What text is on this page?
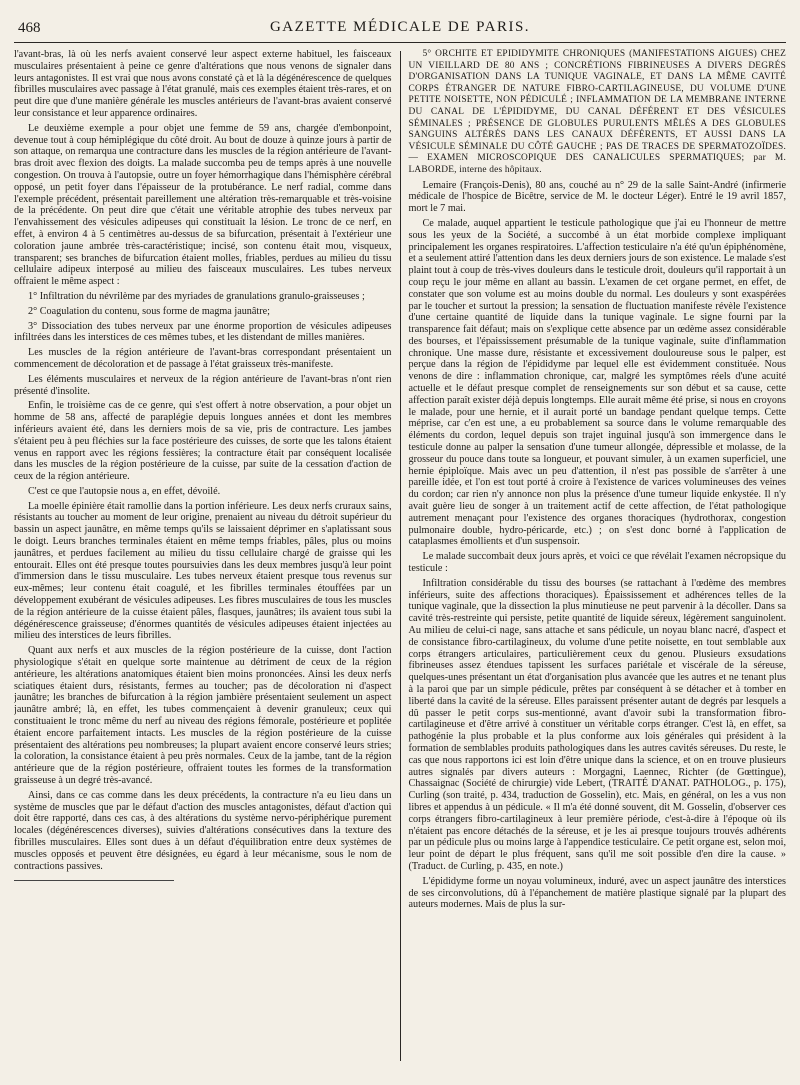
468	GAZETTE MÉDICALE DE PARIS.

l'avant-bras, là où les nerfs avaient conservé leur aspect externe habituel, les faisceaux musculaires présentaient à peine ce genre d'altérations que nous venons de signaler dans leurs antagonistes. Il est vrai que nous avons constaté çà et là la dégénérescence de quelques fibrilles musculaires avec passage à l'état granulé, mais ces exemples étaient très-rares, et on peut dire que d'une manière générale les muscles antérieurs de l'avant-bras avaient conservé leur consistance et leur apparence ordinaires.

Le deuxième exemple a pour objet une femme de 59 ans, chargée d'embonpoint, devenue tout à coup hémiplégique du côté droit. Au bout de douze à quinze jours à partir de son attaque, on remarqua une contracture dans les muscles de la région antérieure de l'avant-bras droit avec flexion des doigts. La malade succomba peu de temps après à une nouvelle congestion. On trouva à l'autopsie, outre un foyer hémorrhagique dans l'hémisphère cérébral opposé, un petit foyer dans l'épaisseur de la protubérance. Le nerf radial, comme dans l'exemple précédent, présentait pareillement une altération très-remarquable et très-voisine de la précédente. On peut dire que c'était une véritable atrophie des tubes nerveux par l'envahissement des vésicules adipeuses qui constituait la lésion. Le tronc de ce nerf, en effet, à environ 4 à 5 centimètres au-dessus de sa bifurcation, présentait à l'extérieur une coloration jaune ambrée très-caractéristique; incisé, son contenu était mou, visqueux, transparent; ses branches de bifurcation étaient molles, friables, perdues au milieu du tissu cellulaire adipeux interposé au milieu des faisceaux musculaires. Les tubes nerveux offraient le même aspect :

1° Infiltration du névrilème par des myriades de granulations granulo-graisseuses ;

2° Coagulation du contenu, sous forme de magma jaunâtre;

3° Dissociation des tubes nerveux par une énorme proportion de vésicules adipeuses infiltrées dans les interstices de ces mêmes tubes, et les distendant de milles manières.

Les muscles de la région antérieure de l'avant-bras correspondant présentaient un commencement de décoloration et de passage à l'état graisseux très-manifeste.

Les éléments musculaires et nerveux de la région antérieure de l'avant-bras n'ont rien présenté d'insolite.

Enfin, le troisième cas de ce genre, qui s'est offert à notre observation, a pour objet un homme de 58 ans, affecté de paraplégie depuis longues années et dont les membres inférieurs avaient été, dans les derniers mois de sa vie, pris de contracture. Les jambes s'étaient peu à peu fléchies sur la face postérieure des cuisses, de sorte que les talons étaient venus en rapport avec les régions fessières; la contracture était par conséquent localisée dans les muscles de la région postérieure de la cuisse, par suite de la cessation d'action de ceux de la région antérieure.

C'est ce que l'autopsie nous a, en effet, dévoilé.

La moelle épinière était ramollie dans la portion inférieure. Les deux nerfs cruraux sains, résistants au toucher au moment de leur origine, prenaient au niveau du détroit supérieur du bassin un aspect jaunâtre, en même temps qu'ils se laissaient déprimer en s'aplatissant sous le doigt. Leurs branches terminales étaient en même temps friables, pâles, plus ou moins jaunâtres, et perdues facilement au milieu du tissu cellulaire chargé de graisse qui les entourait. Elles ont été presque toutes poursuivies dans les deux membres jusqu'à leur point d'immersion dans le tissu musculaire. Les tubes nerveux étaient presque tous revenus sur eux-mêmes; leur contenu était coagulé, et les fibrilles terminales étouffées par un développement exubérant de vésicules adipeuses. Les fibres musculaires de tous les muscles de la région antérieure de la cuisse étaient pâles, flasques, jaunâtres; ils avaient tous subi la dégénérescence graisseuse; d'énormes quantités de vésicules adipeuses étaient injectées au milieu des interstices de leurs fibrilles.

Quant aux nerfs et aux muscles de la région postérieure de la cuisse, dont l'action physiologique s'était en quelque sorte maintenue au détriment de ceux de la région antérieure, les altérations anatomiques étaient bien moins prononcées. Ainsi les deux nerfs sciatiques étaient durs, résistants, fermes au toucher; pas de décoloration ni d'aspect jaunâtre; les branches de bifurcation à la région jambière présentaient seulement un aspect jaunâtre ambré; là, en effet, les tubes commençaient à devenir granuleux; ceux qui constituaient le tronc même du nerf au niveau des régions fémorale, postérieure et poplitée étaient encore parfaitement intacts. Les muscles de la région postérieure de la cuisse présentaient des altérations peu nombreuses; la plupart avaient encore conservé leurs stries; la coloration, la consistance étaient à peu près normales. Ceux de la jambe, tant de la région antérieure que de la région postérieure, offraient toutes les formes de la transformation graisseuse à un degré très-avancé.

Ainsi, dans ce cas comme dans les deux précédents, la contracture n'a eu lieu dans un système de muscles que par le défaut d'action des muscles antagonistes, défaut d'action qui doit être rapporté, dans ces cas, à des altérations du système nervo-périphérique purement locales (dégénérescences diverses), suivies d'altérations consécutives dans la texture des fibrilles musculaires. Elles sont dues à un défaut d'équilibration entre deux systèmes de muscles opposés et peuvent être désignées, eu égard à leur mécanisme, sous le nom de contractions passives.

5° ORCHITE ET ÉPIDIDYMITE CHRONIQUES (MANIFESTATIONS AIGUES) CHEZ UN VIEILLARD DE 80 ANS ; CONCRÉTIONS FIBRINEUSES A DIVERS DEGRÉS D'ORGANISATION DANS LA TUNIQUE VAGINALE, ET DANS LA MÊME CAVITÉ CORPS ÉTRANGER DE NATURE FIBRO-CARTILAGINEUSE, DU VOLUME D'UNE PETITE NOISETTE, NON PÉDICULÉ ; INFLAMMATION DE LA MEMBRANE INTERNE DU CANAL DE L'ÉPIDIDYME, DU CANAL DÉFÉRENT ET DES VÉSICULES SÉMINALES ; PRÉSENCE DE GLOBULES PURULENTS MÊLÉS A DES GLOBULES SANGUINS ALTÉRÉS DANS LES CANAUX DÉFÉRENTS, ET AUSSI DANS LA VÉSICULE SÉMINALE DU CÔTÉ GAUCHE ; PAS DE TRACES DE SPERMATOZOÏDES. — EXAMEN MICROSCOPIQUE DES CANALICULES SPERMATIQUES; par M. LABORDE, interne des hôpitaux.

Lemaire (François-Denis), 80 ans, couché au n° 29 de la salle Saint-André (infirmerie médicale de l'hospice de Bicêtre, service de M. le docteur Léger). Entré le 19 avril 1857, mort le 7 mai.

Ce malade, auquel appartient le testicule pathologique que j'ai eu l'honneur de mettre sous les yeux de la Société, a succombé à un état morbide complexe impliquant principalement les organes respiratoires. L'affection testiculaire n'a été qu'un épiphénomène, et a seulement attiré l'attention dans les deux derniers jours de son existence. Le malade s'est plaint tout à coup de très-vives douleurs dans le testicule droit, douleurs qu'il rapportait à un coup reçu le jour même en allant au bassin. L'examen de cet organe permet, en effet, de constater que son volume est au moins double du normal. Les douleurs y sont exaspérées par le toucher et surtout la pression; la sensation de fluctuation manifeste révèle l'existence d'une certaine quantité de liquide dans la tunique vaginale. Le signe fourni par la transparence fait défaut; mais on s'explique cette absence par un œdème assez considérable des bourses, et l'épaississement présumable de la tunique vaginale, suite d'inflammation chronique. Une masse dure, résistante et excessivement douloureuse sous le palper, est perçue dans la région de l'épididyme par lequel elle est évidemment constituée. Nous venons de dire : inflammation chronique, car, malgré les symptômes réels d'une acuité actuelle et le défaut presque complet de renseignements sur son début et sa cause, cette affection paraît exister déjà depuis longtemps. Elle aurait même été prise, si nous en croyons le malade, pour une hernie, et il aurait porté un bandage pendant quelque temps. Cette méprise, car c'en est une, a eu probablement sa source dans le volume remarquable des éléments du cordon, lequel depuis son trajet inguinal jusqu'à son immergence dans le testicule donne au palper la sensation d'une tumeur allongée, dépressible et molasse, de la grosseur du pouce dans toute sa longueur, et pouvant simuler, à un examen superficiel, une hernie épiploïque. Mais avec un peu d'attention, il n'est pas possible de s'arrêter à une pareille idée, et l'on est tout porté à croire à l'existence de varices volumineuses des veines du cordon; car rien n'y annonce non plus la présence d'une tumeur liquide enkystée. Il n'y avait guère lieu de songer à un traitement actif de cette affection, de l'état pathologique autrement menaçant pour l'existence des organes thoraciques (hydrothorax, congestion pulmonaire double, hydro-péricarde, etc.) ; on s'est donc borné à l'application de cataplasmes émollients et d'un suspensoir.

Le malade succombait deux jours après, et voici ce que révélait l'examen nécropsique du testicule :

Infiltration considérable du tissu des bourses (se rattachant à l'œdème des membres inférieurs, suite des affections thoraciques). Épaississement et adhérences telles de la tunique vaginale, que la dissection la plus minutieuse ne peut parvenir à la décoller. Dans sa cavité très-restreinte qui persiste, petite quantité de liquide séreux, légèrement sanguinolent. Au milieu de celui-ci nage, sans attache et sans pédicule, un noyau blanc nacré, d'aspect et de consistance fibro-cartilagineux, du volume d'une petite noisette, en tout semblable aux corps étrangers articulaires, particulièrement ceux du genou. Plusieurs exsudations fibrineuses assez étendues tapissent les surfaces pariétale et viscérale de la séreuse, quelques-unes présentant un état d'organisation plus avancée que les autres et ne tenant plus à la paroi que par un simple pédicule, prêtes par conséquent à se détacher et à tomber en liberté dans la cavité de la séreuse. Elles paraissent présenter autant de degrés par lesquels a dû passer le petit corps sus-mentionné, avant d'avoir subi la transformation fibro-cartilagineuse et d'être arrivé à constituer un véritable corps étranger. C'est là, en effet, sa pathogénie la plus probable et la plus conforme aux lois générales qui président à la formation de semblables produits pathologiques dans les autres cavités séreuses. Du reste, le cas que nous rapportons ici est loin d'être unique dans la science, et on en trouve plusieurs autres signalés par divers auteurs : Morgagni, Laennec, Richter (de Gœttingue), Chassaignac (Société de chirurgie) vide Lebert, (TRAITÉ D'ANAT. PATHOLOG., p. 175), Curling (son traité, p. 434, traduction de Gosselin), etc. Mais, en général, on les a vus non libres et appendus à un pédicule. « Il m'a été donné souvent, dit M. Gosselin, d'observer ces corps étrangers fibro-cartilagineux à leur première période, c'est-à-dire à l'époque où ils n'étaient pas encore détachés de la séreuse, et je les ai presque toujours trouvés adhérents par un pédicule plus ou moins large à l'appendice testiculaire. Ce petit organe est, selon moi, leur point de départ le plus fréquent, sans qu'il me soit possible d'en dire la cause. » (Traduct. de Curling, p. 435, en note.)

L'épididyme forme un noyau volumineux, induré, avec un aspect jaunâtre des interstices de ses circonvolutions, dû à l'épanchement de matière plastique signalé par la plupart des auteurs modernes. Mais de plus la sur-
